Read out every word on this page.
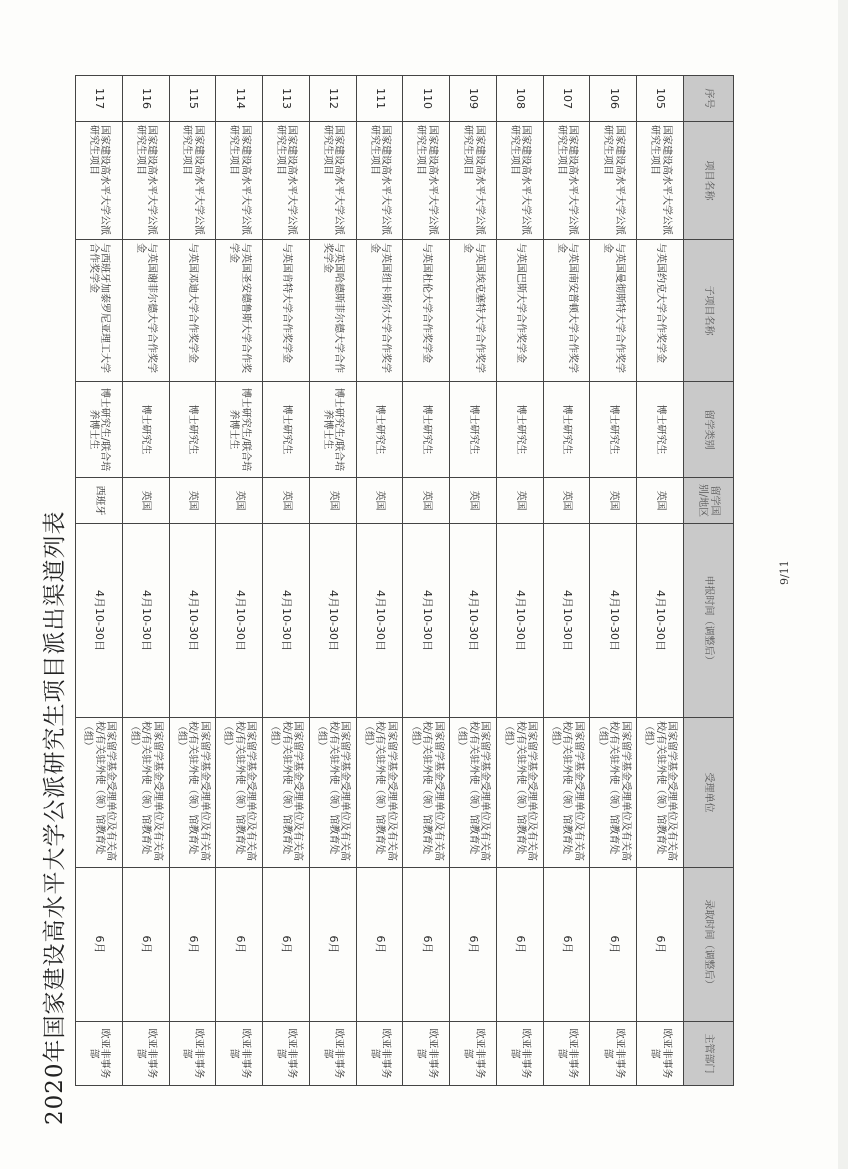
2020年国家建设高水平大学公派研究生项目派出渠道列表	9/11
序号	项目名称	子项目名称	留学类别	留学国别/地区	申报时间（调整后）	受理单位	录取时间（调整后）	主管部门
105	国家建设高水平大学公派研究生项目	与英国约克大学合作奖学金	博士研究生	英国	4月10-30日	国家留学基金受理单位及有关高校/有关驻外使（领）馆教育处（组）	6月	欧亚非事务部
106	国家建设高水平大学公派研究生项目	与英国曼彻斯特大学合作奖学金	博士研究生	英国	4月10-30日	国家留学基金受理单位及有关高校/有关驻外使（领）馆教育处（组）	6月	欧亚非事务部
107	国家建设高水平大学公派研究生项目	与英国南安普顿大学合作奖学金	博士研究生	英国	4月10-30日	国家留学基金受理单位及有关高校/有关驻外使（领）馆教育处（组）	6月	欧亚非事务部
108	国家建设高水平大学公派研究生项目	与英国巴斯大学合作奖学金	博士研究生	英国	4月10-30日	国家留学基金受理单位及有关高校/有关驻外使（领）馆教育处（组）	6月	欧亚非事务部
109	国家建设高水平大学公派研究生项目	与英国埃克塞特大学合作奖学金	博士研究生	英国	4月10-30日	国家留学基金受理单位及有关高校/有关驻外使（领）馆教育处（组）	6月	欧亚非事务部
110	国家建设高水平大学公派研究生项目	与英国杜伦大学合作奖学金	博士研究生	英国	4月10-30日	国家留学基金受理单位及有关高校/有关驻外使（领）馆教育处（组）	6月	欧亚非事务部
111	国家建设高水平大学公派研究生项目	与英国纽卡斯尔大学合作奖学金	博士研究生	英国	4月10-30日	国家留学基金受理单位及有关高校/有关驻外使（领）馆教育处（组）	6月	欧亚非事务部
112	国家建设高水平大学公派研究生项目	与英国哈德斯菲尔德大学合作奖学金	博士研究生/联合培养博士生	英国	4月10-30日	国家留学基金受理单位及有关高校/有关驻外使（领）馆教育处（组）	6月	欧亚非事务部
113	国家建设高水平大学公派研究生项目	与英国肯特大学合作奖学金	博士研究生	英国	4月10-30日	国家留学基金受理单位及有关高校/有关驻外使（领）馆教育处（组）	6月	欧亚非事务部
114	国家建设高水平大学公派研究生项目	与英国圣安德鲁斯大学合作奖学金	博士研究生/联合培养博士生	英国	4月10-30日	国家留学基金受理单位及有关高校/有关驻外使（领）馆教育处（组）	6月	欧亚非事务部
115	国家建设高水平大学公派研究生项目	与英国邓迪大学合作奖学金	博士研究生	英国	4月10-30日	国家留学基金受理单位及有关高校/有关驻外使（领）馆教育处（组）	6月	欧亚非事务部
116	国家建设高水平大学公派研究生项目	与英国谢菲尔德大学合作奖学金	博士研究生	英国	4月10-30日	国家留学基金受理单位及有关高校/有关驻外使（领）馆教育处（组）	6月	欧亚非事务部
117	国家建设高水平大学公派研究生项目	与西班牙加泰罗尼亚理工大学合作奖学金	博士研究生/联合培养博士生	西班牙	4月10-30日	国家留学基金受理单位及有关高校/有关驻外使（领）馆教育处（组）	6月	欧亚非事务部
